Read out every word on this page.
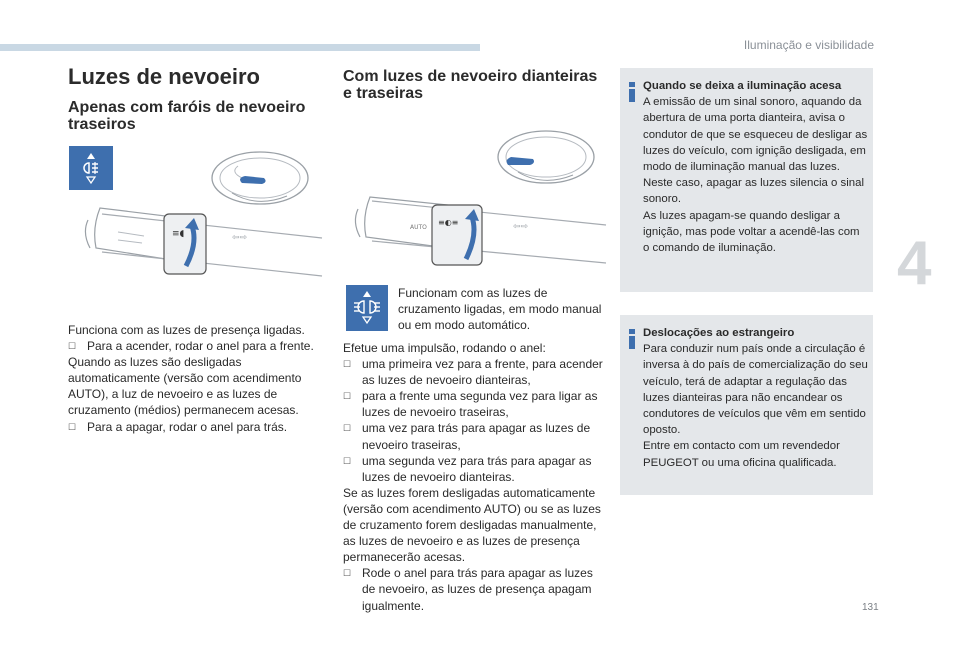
Iluminação e visibilidade
4
131
Luzes de nevoeiro
Apenas com faróis de nevoeiro traseiros
Com luzes de nevoeiro dianteiras e traseiras
≡◖	⇦⇨
Funciona com as luzes de presença ligadas.
☐ Para a acender, rodar o anel para a frente.
Quando as luzes são desligadas automaticamente (versão com acendimento AUTO), a luz de nevoeiro e as luzes de cruzamento (médios) permanecem acesas.
☐ Para a apagar, rodar o anel para trás.
≡◐≡
AUTO	⇦⇨
Funcionam com as luzes de cruzamento ligadas, em modo manual ou em modo automático.
Efetue uma impulsão, rodando o anel:
☐ uma primeira vez para a frente, para acender as luzes de nevoeiro dianteiras,
☐ para a frente uma segunda vez para ligar as luzes de nevoeiro traseiras,
☐ uma vez para trás para apagar as luzes de nevoeiro traseiras,
☐ uma segunda vez para trás para apagar as luzes de nevoeiro dianteiras.
Se as luzes forem desligadas automaticamente (versão com acendimento AUTO) ou se as luzes de cruzamento forem desligadas manualmente, as luzes de nevoeiro e as luzes de presença permanecerão acesas.
☐ Rode o anel para trás para apagar as luzes de nevoeiro, as luzes de presença apagam igualmente.
Quando se deixa a iluminação acesa
A emissão de um sinal sonoro, aquando da abertura de uma porta dianteira, avisa o condutor de que se esqueceu de desligar as luzes do veículo, com ignição desligada, em modo de iluminação manual das luzes.
Neste caso, apagar as luzes silencia o sinal sonoro.
As luzes apagam-se quando desligar a ignição, mas pode voltar a acendê-las com o comando de iluminação.
Deslocações ao estrangeiro
Para conduzir num país onde a circulação é inversa à do país de comercialização do seu veículo, terá de adaptar a regulação das luzes dianteiras para não encandear os condutores de veículos que vêm em sentido oposto.
Entre em contacto com um revendedor PEUGEOT ou uma oficina qualificada.
